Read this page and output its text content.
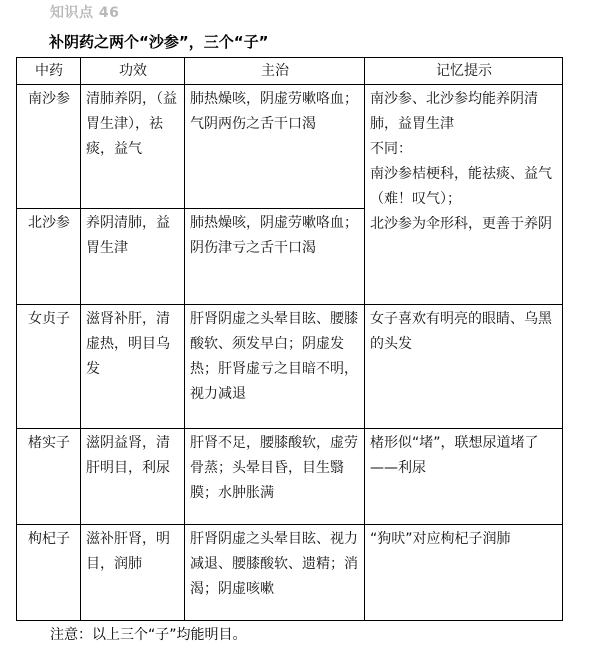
知识点 46
补阴药之两个“沙参”，三个“子”
中药	功效	主治	记忆提示
南沙参	清肺养阴，（益胃生津），祛痰，益气	肺热燥咳，阴虚劳嗽咯血；气阴两伤之舌干口渴	南沙参、北沙参均能养阴清肺，益胃生津
不同：
南沙参桔梗科，能祛痰、益气（难！叹气）；
北沙参为伞形科，更善于养阴

北沙参	养阴清肺，益胃生津	肺热燥咳，阴虚劳嗽咯血；阴伤津亏之舌干口渴	
女贞子	滋肾补肝，清虚热，明目乌发	肝肾阴虚之头晕目眩、腰膝酸软、须发早白；阴虚发热；肝肾虚亏之目暗不明，视力减退	女子喜欢有明亮的眼睛、乌黑的头发
楮实子	滋阴益肾，清肝明目，利尿	肝肾不足，腰膝酸软，虚劳骨蒸；头晕目昏，目生翳膜；水肿胀满	楮形似“堵”，联想尿道堵了——利尿
枸杞子	滋补肝肾，明目，润肺	肝肾阴虚之头晕目眩、视力减退、腰膝酸软、遗精；消渴；阴虚咳嗽	“狗吠”对应枸杞子润肺
注意：以上三个“子”均能明目。
